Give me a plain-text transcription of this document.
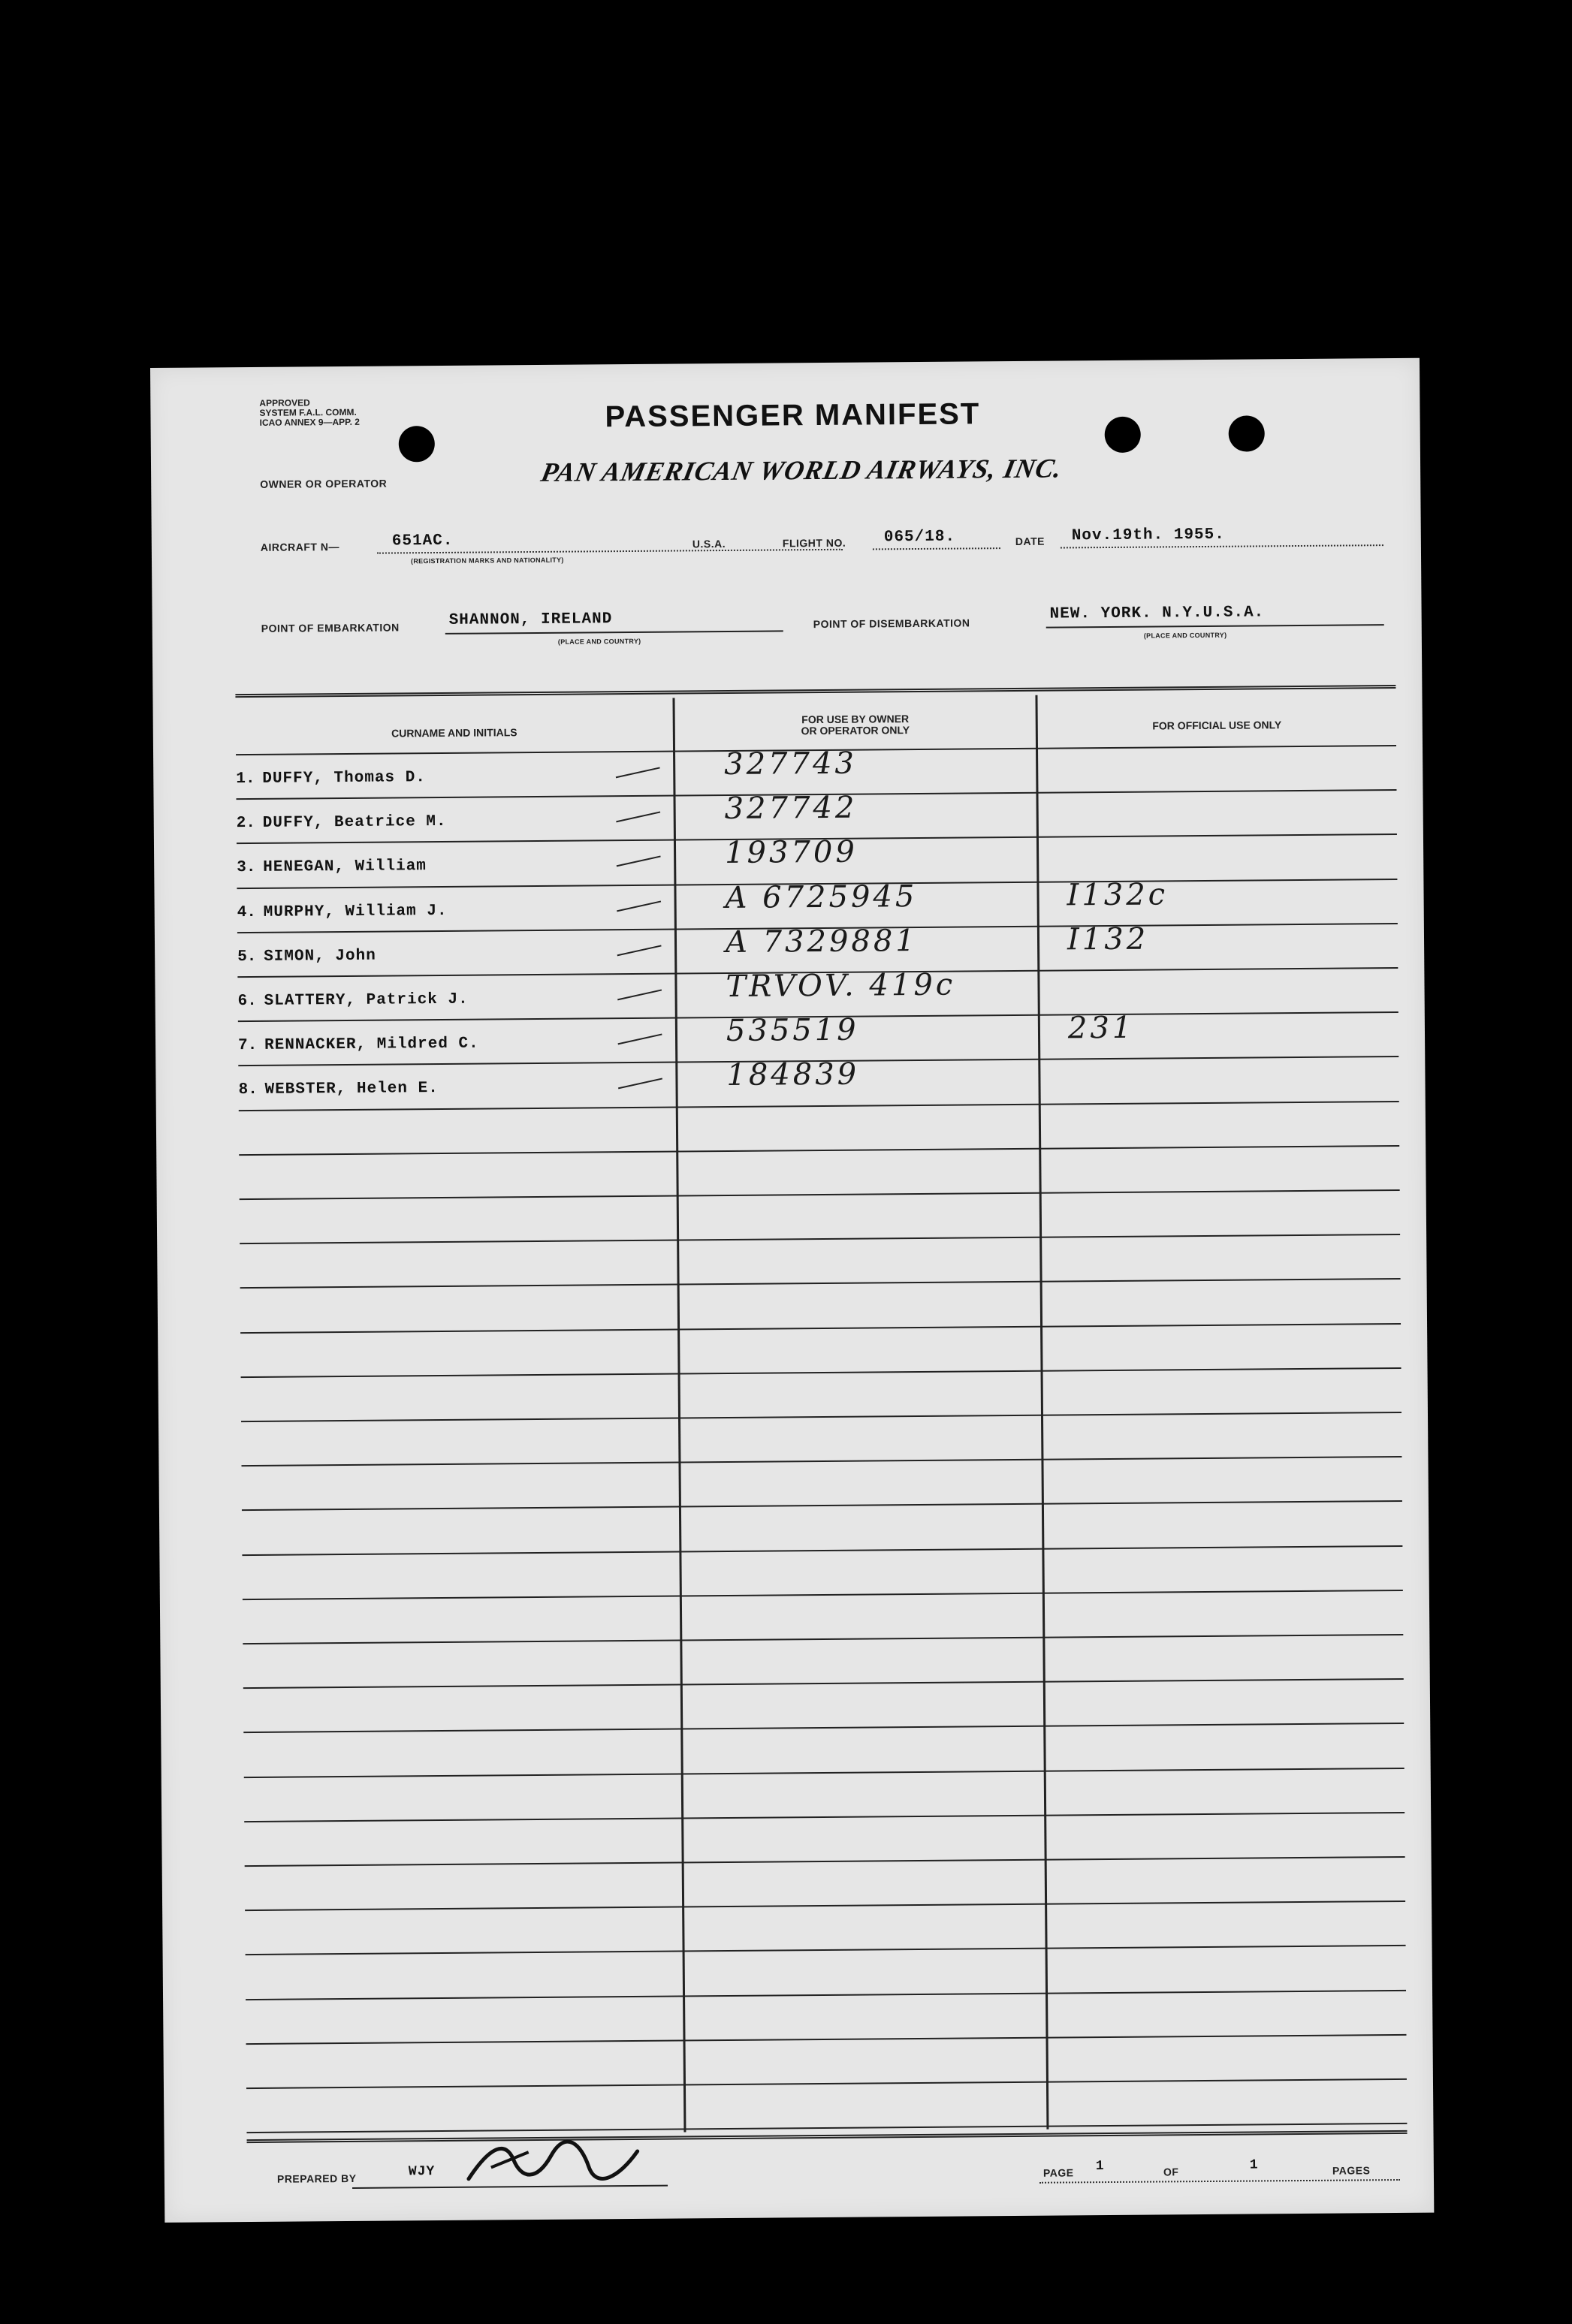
APPROVED
SYSTEM F.A.L. COMM.
ICAO ANNEX 9—APP. 2	PASSENGER MANIFEST
OWNER OR OPERATOR	PAN AMERICAN WORLD AIRWAYS, INC.
AIRCRAFT N—	651AC.
(REGISTRATION MARKS AND NATIONALITY)
U.S.A.	FLIGHT NO. 065/18.	DATE Nov.19th. 1955.
POINT OF EMBARKATION	SHANNON, IRELAND
(PLACE AND COUNTRY)
POINT OF DISEMBARKATION
NEW. YORK. N.Y.U.S.A.
(PLACE AND COUNTRY)
CURNAME AND INITIALS
FOR USE BY OWNER
OR OPERATOR ONLY	FOR OFFICIAL USE ONLY
1. DUFFY, Thomas D.	327743
2. DUFFY, Beatrice M.	327742
3. HENEGAN, William	193709
4. MURPHY, William J.	A 6725945	I132c
5. SIMON, John	A 7329881	I132
6. SLATTERY, Patrick J.	TRVOV. 419c
7. RENNACKER, Mildred C.	535519	231
8. WEBSTER, Helen E.	184839
PREPARED BY	WJY	PAGE 1	OF	1	PAGES
